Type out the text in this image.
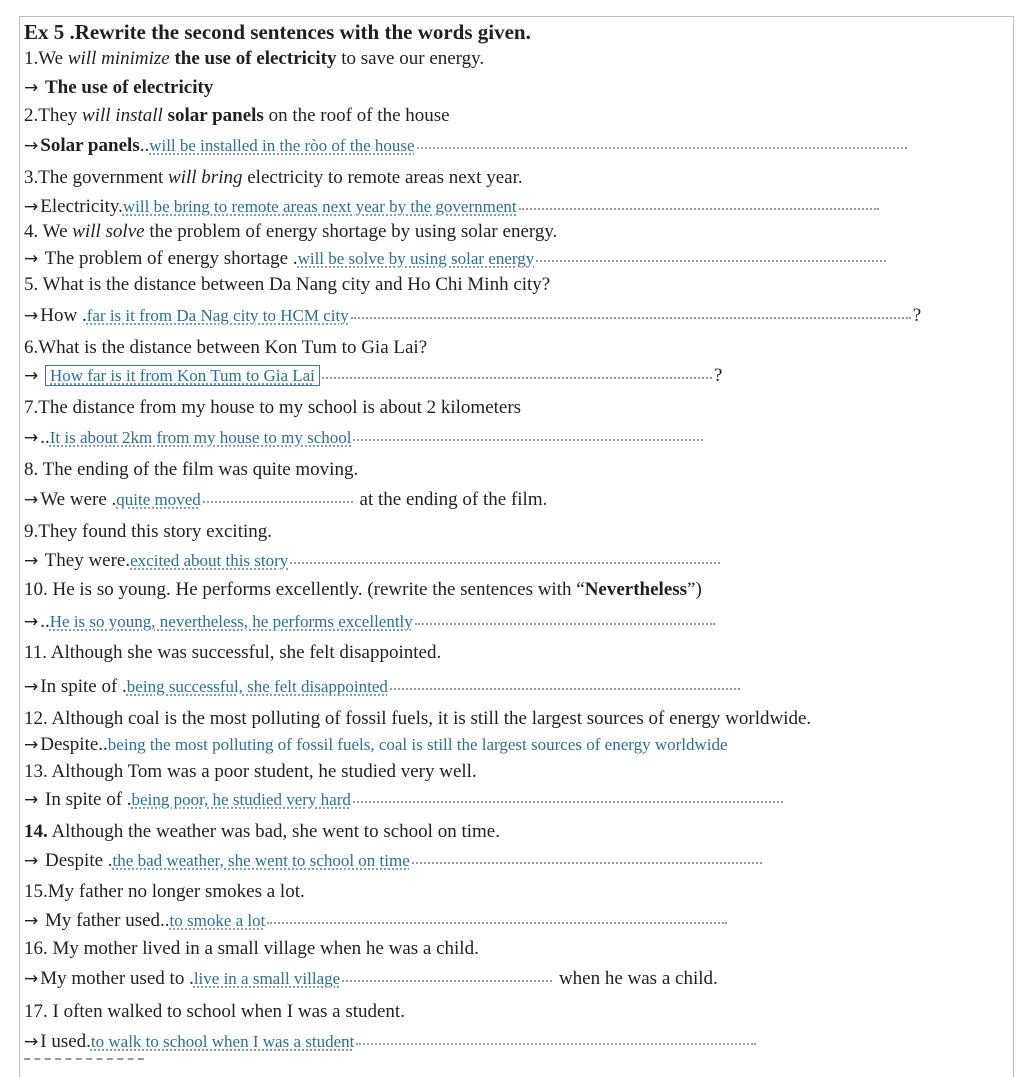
Ex 5 .Rewrite the second sentences with the words given.
1.We will minimize the use of electricity to save our energy.
→ The use of electricity
2.They will install solar panels on the roof of the house
→ Solar panels..will be installed in the ròo of the house
3.The government will bring electricity to remote areas next year.
→ Electricity.will be bring to remote areas next year by the government
4. We will solve the problem of energy shortage by using solar energy.
→ The problem of energy shortage .will be solve by using solar energy
5. What is the distance between Da Nang city and Ho Chi Minh city?
→ How .far is it from Da Nag city to HCM city	?
6.What is the distance between Kon Tum to Gia Lai?
→ How far is it from Kon Tum to Gia Lai	?
7.The distance from my house to my school is about 2 kilometers
→ ..It is about 2km from my house to my school
8. The ending of the film was quite moving.
→ We were .quite moved	at the ending of the film.
9.They found this story exciting.
→ They were.excited about this story
10. He is so young. He performs excellently. (rewrite the sentences with “Nevertheless”)
→ ..He is so young, nevertheless, he performs excellently
11. Although she was successful, she felt disappointed.
→ In spite of .being successful, she felt disappointed
12. Although coal is the most polluting of fossil fuels, it is still the largest sources of energy worldwide.
→ Despite..being the most polluting of fossil fuels, coal is still the largest sources of energy worldwide
13. Although Tom was a poor student, he studied very well.
→ In spite of .being poor, he studied very hard
14. Although the weather was bad, she went to school on time.
→ Despite .the bad weather, she went to school on time
15.My father no longer smokes a lot.
→ My father used..to smoke a lot
16. My mother lived in a small village when he was a child.
→ My mother used to .live in a small village	when he was a child.
17. I often walked to school when I was a student.
→ I used.to walk to school when I was a student
